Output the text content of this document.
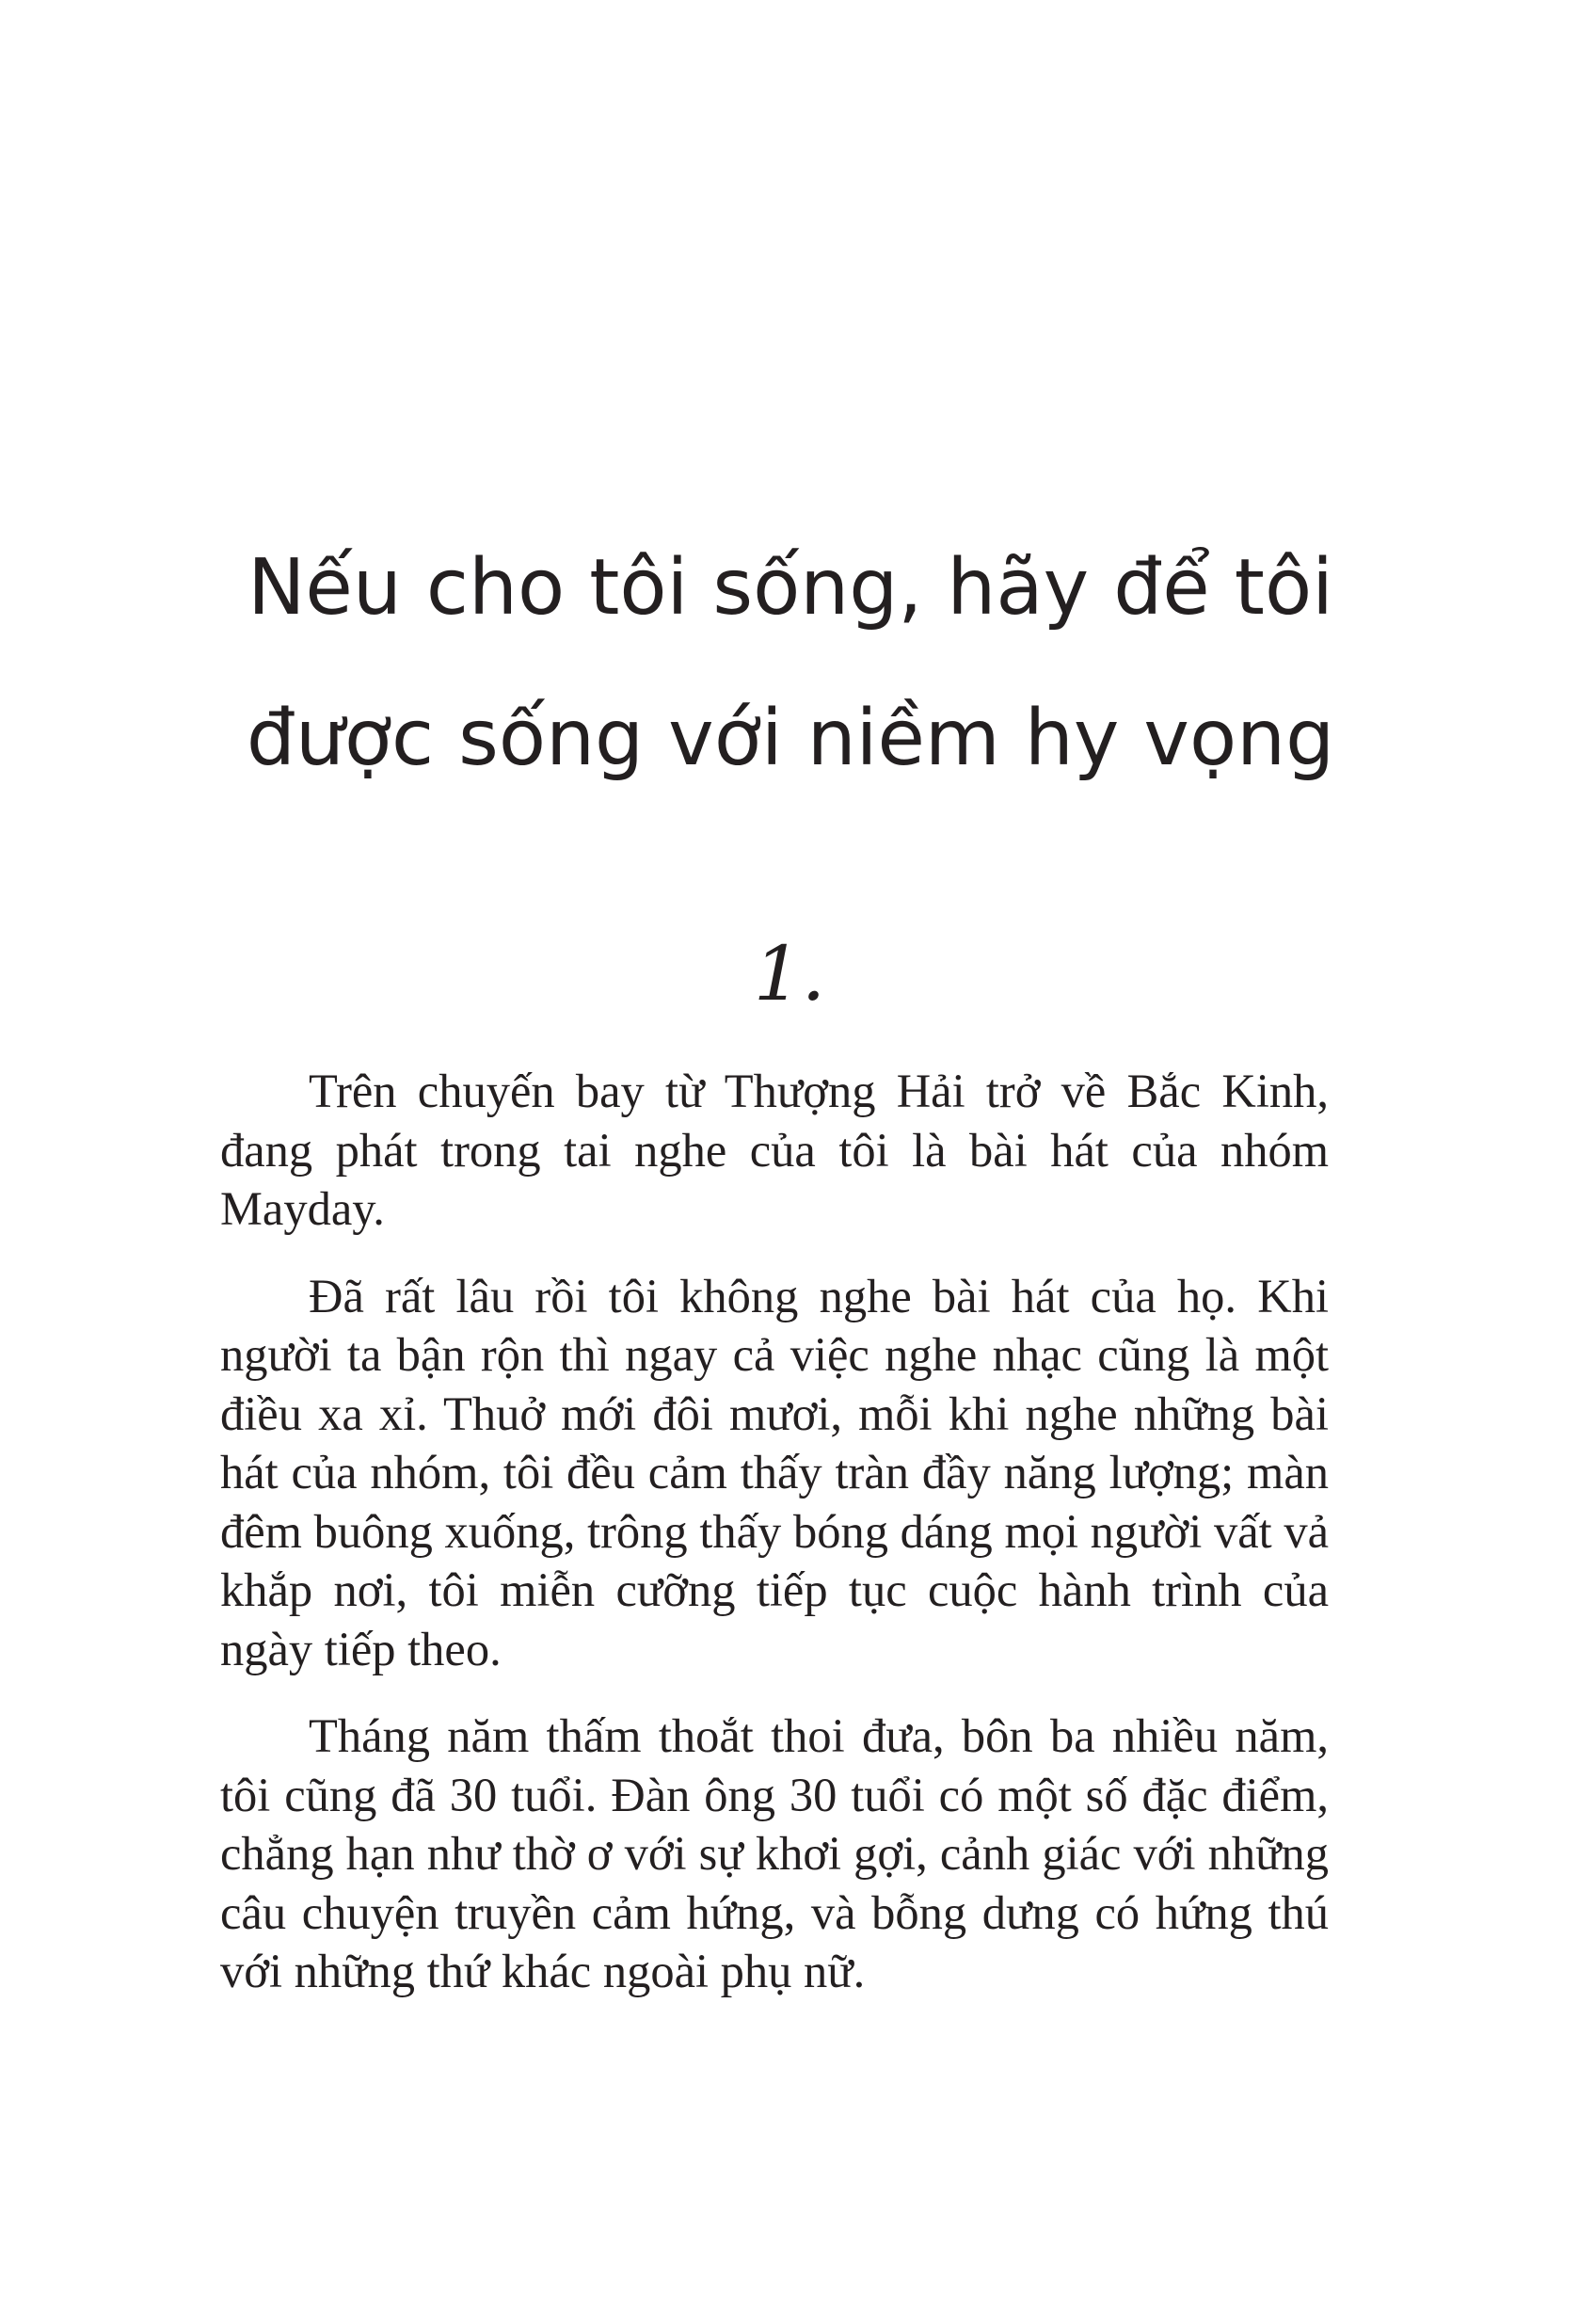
Nếu cho tôi sống, hãy để tôi
được sống với niềm hy vọng
1.

Trên chuyến bay từ Thượng Hải trở về Bắc Kinh, đang phát trong tai nghe của tôi là bài hát của nhóm Mayday.

Đã rất lâu rồi tôi không nghe bài hát của họ. Khi người ta bận rộn thì ngay cả việc nghe nhạc cũng là một điều xa xỉ. Thuở mới đôi mươi, mỗi khi nghe những bài hát của nhóm, tôi đều cảm thấy tràn đầy năng lượng; màn đêm buông xuống, trông thấy bóng dáng mọi người vất vả khắp nơi, tôi miễn cưỡng tiếp tục cuộc hành trình của ngày tiếp theo.

Tháng năm thấm thoắt thoi đưa, bôn ba nhiều năm, tôi cũng đã 30 tuổi. Đàn ông 30 tuổi có một số đặc điểm, chẳng hạn như thờ ơ với sự khơi gợi, cảnh giác với những câu chuyện truyền cảm hứng, và bỗng dưng có hứng thú với những thứ khác ngoài phụ nữ.
